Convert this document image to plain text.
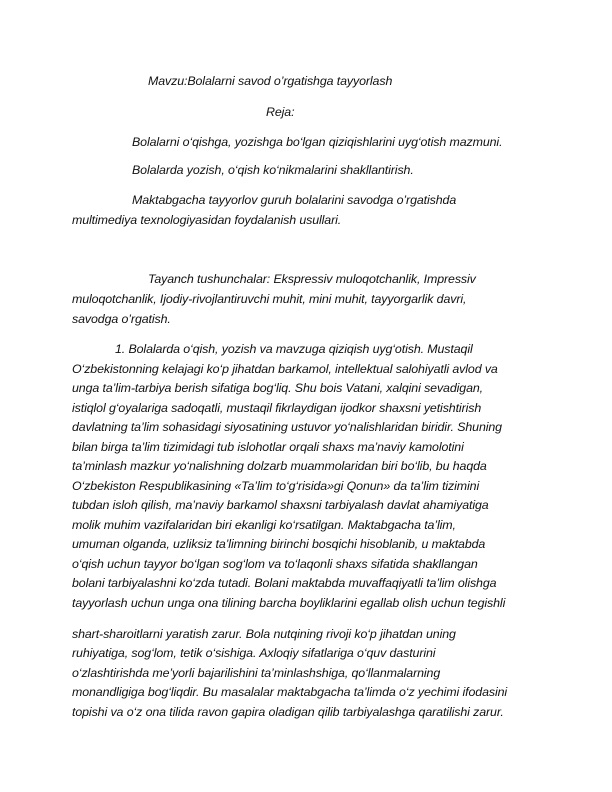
Mavzu:Bolalarni savod o’rgatishga tayyorlash
Reja:
Bolalarni o‘qishga, yozishga bo‘lgan qiziqishlarini uyg‘otish mazmuni.
Bolalarda yozish, o‘qish ko‘nikmalarini shakllantirish.
Maktabgacha tayyorlov guruh bolalarini savodga o’rgatishda
multimediya texnologiyasidan foydalanish usullari.
Tayanch tushunchalar: Ekspressiv muloqotchanlik, Impressiv
muloqotchanlik, Ijodiy-rivojlantiruvchi muhit, mini muhit, tayyorgarlik davri,
savodga o’rgatish.
1. Bolalarda o‘qish, yozish va mavzuga qiziqish uyg‘otish. Mustaqil
O‘zbekistonning kelajagi ko‘p jihatdan barkamol, intellektual salohiyatli avlod va
unga ta’lim-tarbiya berish sifatiga bog‘liq. Shu bois Vatani, xalqini sevadigan,
istiqlol g‘oyalariga sadoqatli, mustaqil fikrlaydigan ijodkor shaxsni yetishtirish
davlatning ta’lim sohasidagi siyosatining ustuvor yo‘nalishlaridan biridir. Shuning
bilan birga ta’lim tizimidagi tub islohotlar orqali shaxs ma’naviy kamolotini
ta’minlash mazkur yo‘nalishning dolzarb muammolaridan biri bo‘lib, bu haqda
O‘zbekiston Respublikasining «Ta’lim to‘g‘risida»gi Qonun» da ta’lim tizimini
tubdan isloh qilish, ma’naviy barkamol shaxsni tarbiyalash davlat ahamiyatiga
molik muhim vazifalaridan biri ekanligi ko‘rsatilgan. Maktabgacha ta’lim,
umuman olganda, uzliksiz ta’limning birinchi bosqichi hisoblanib, u maktabda
o‘qish uchun tayyor bo‘lgan sog‘lom va to‘laqonli shaxs sifatida shakllangan
bolani tarbiyalashni ko‘zda tutadi. Bolani maktabda muvaffaqiyatli ta’lim olishga
tayyorlash uchun unga ona tilining barcha boyliklarini egallab olish uchun tegishli
shart-sharoitlarni yaratish zarur. Bola nutqining rivoji ko‘p jihatdan uning
ruhiyatiga, sog‘lom, tetik o‘sishiga. Axloqiy sifatlariga o‘quv dasturini
o‘zlashtirishda me’yorli bajarilishini ta’minlashshiga, qo‘llanmalarning
monandligiga bog‘liqdir. Bu masalalar maktabgacha ta’limda o‘z yechimi ifodasini
topishi va o‘z ona tilida ravon gapira oladigan qilib tarbiyalashga qaratilishi zarur.
